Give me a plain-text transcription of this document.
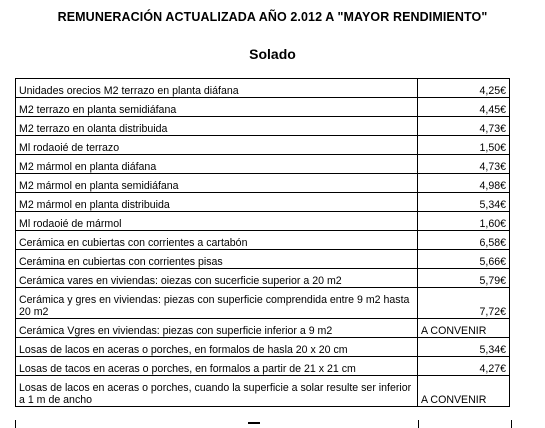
REMUNERACIÓN ACTUALIZADA AÑO 2.012 A "MAYOR RENDIMIENTO"
Solado
Unidades orecios M2 terrazo en planta diáfana	4,25€
M2 terrazo en planta semidiáfana	4,45€
M2 terrazo en olanta distribuida	4,73€
Ml rodaoié de terrazo	1,50€
M2 mármol en planta diáfana	4,73€
M2 mármol en planta semidiáfana	4,98€
M2 mármol en planta distribuida	5,34€
Ml rodaoié de mármol	1,60€
Cerámica en cubiertas con corrientes a cartabón	6,58€
Cerámina en cubiertas con corrientes pisas	5,66€
Cerámica vares en viviendas: oiezas con sucerficie superior a 20 m2	5,79€
Cerámica y gres en viviendas: piezas con superficie comprendida entre 9 m2 hasta 20 m2	7,72€
Cerámica Vgres en viviendas: piezas con superficie inferior a 9 m2	A CONVENIR
Losas de lacos en aceras o porches, en formalos de hasla 20 x 20 cm	5,34€
Losas de tacos en aceras o porches, en formalos a partir de 21 x 21 cm	4,27€
Losas de lacos en aceras o porches, cuando la superficie a solar resulte ser inferior a 1 m de ancho	A CONVENIR
